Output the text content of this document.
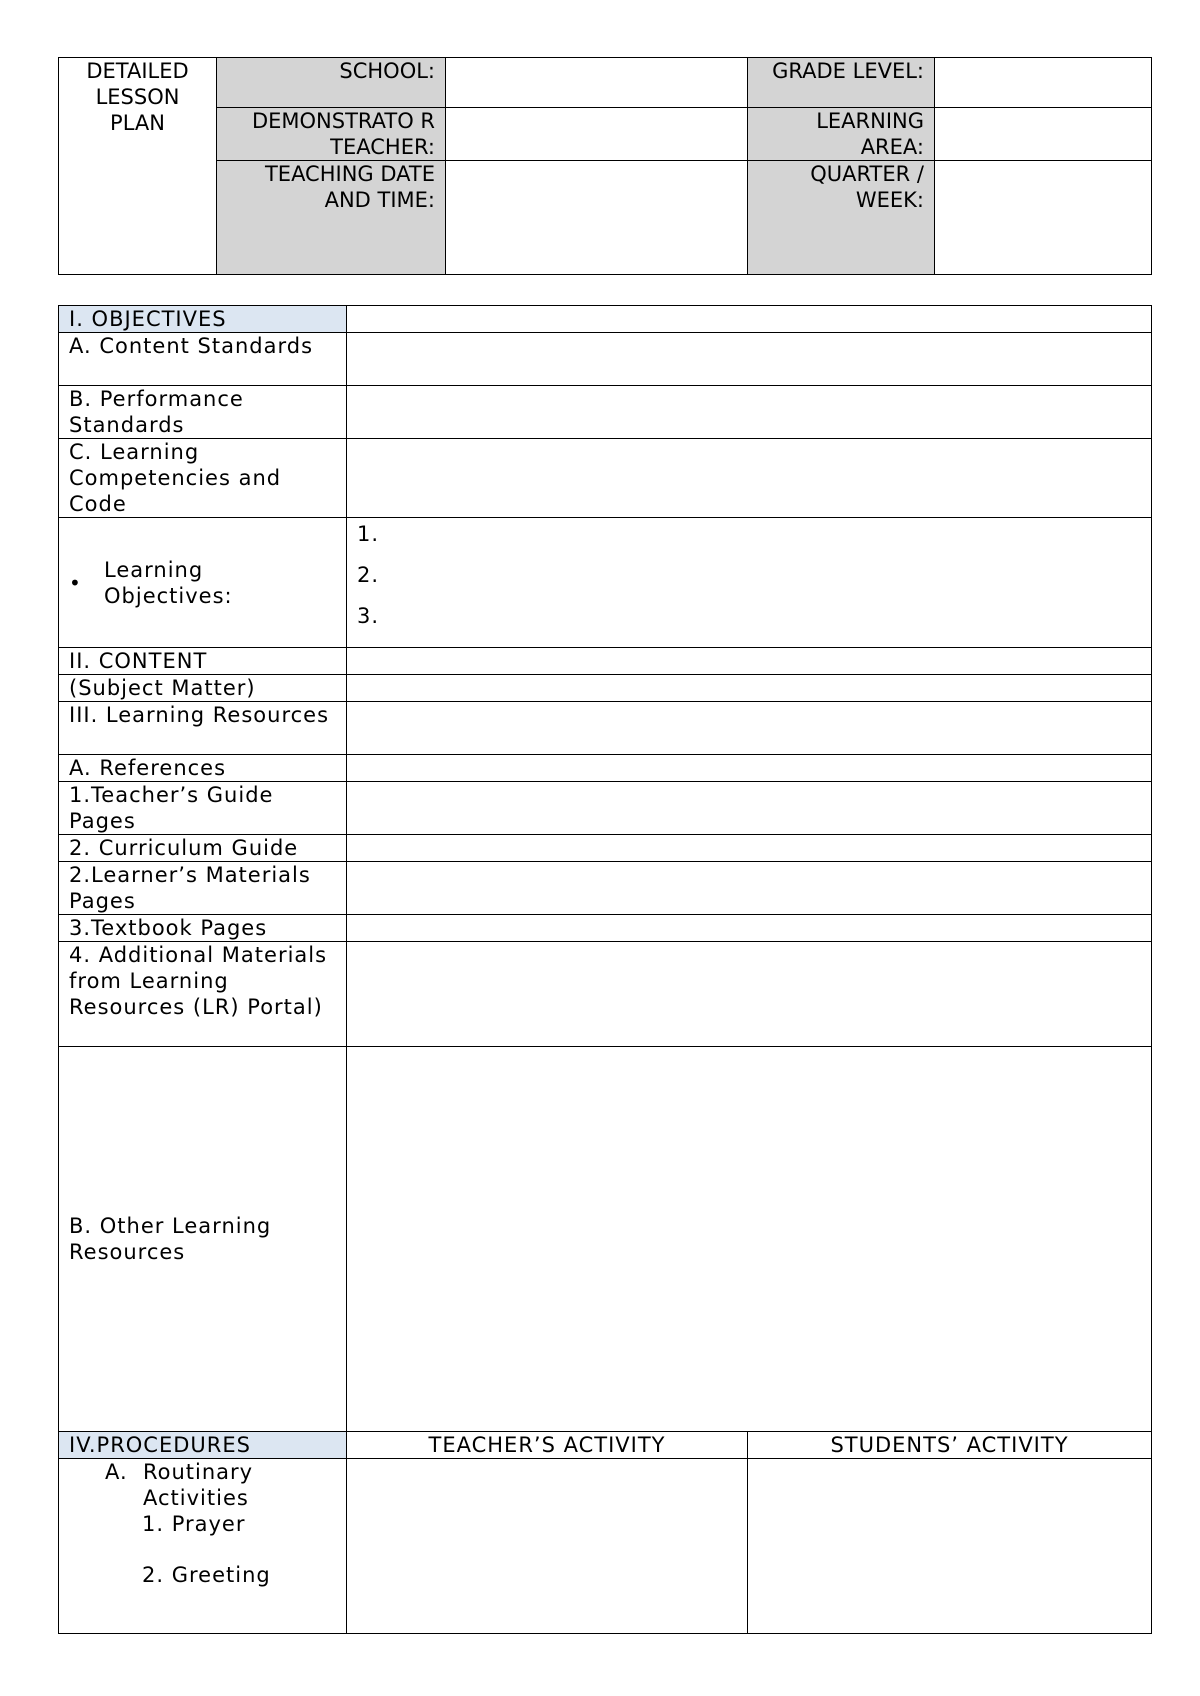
DETAILED LESSON PLAN	SCHOOL:		GRADE LEVEL:	
	DEMONSTRATO R TEACHER:		LEARNING AREA:	
	TEACHING DATE AND TIME:		QUARTER / WEEK:	
I. OBJECTIVES		
A. Content Standards		
B. Performance Standards		
C. Learning Competencies and Code		

•
Learning Objectives:	1.
2.
3.	

II. CONTENT		
(Subject Matter)		
III. Learning Resources		
A. References		
1.Teacher’s Guide Pages		
2. Curriculum Guide		
2.Learner’s Materials Pages		
3.Textbook Pages		
4. Additional Materials from Learning Resources (LR) Portal)		
B. Other Learning Resources		
IV.PROCEDURES	TEACHER’S ACTIVITY	STUDENTS’ ACTIVITY

A. Routinary Activities
1. Prayer
2. Greeting		
